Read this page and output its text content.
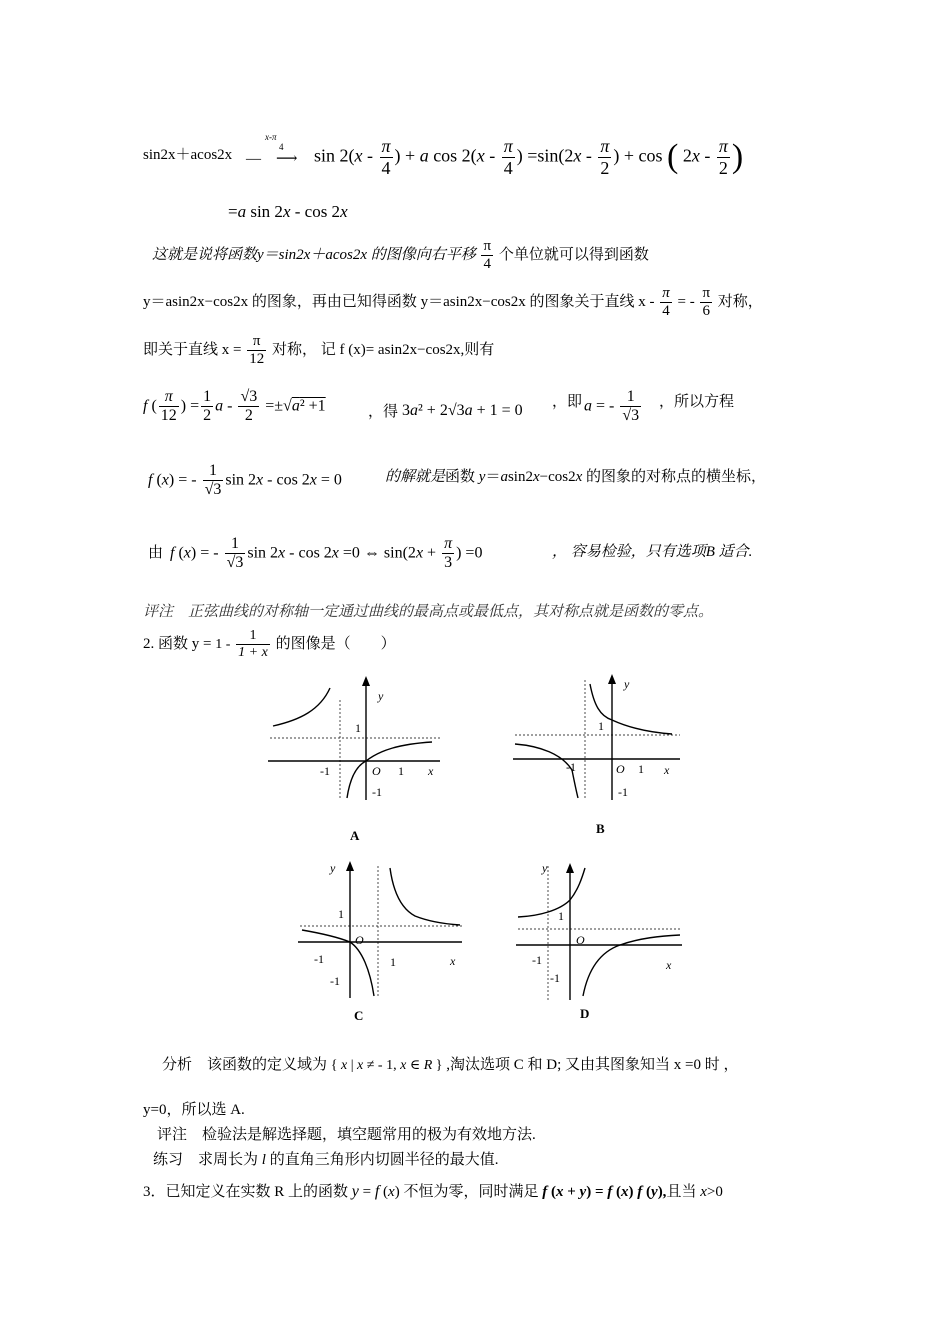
sin2x＋acos2x
x-π
4
—　⟶ $\sin 2(x - \frac{\pi}{4}$ ) + a $\cos 2(x - \frac{\pi}{4}$ ) $=\sin(2x - \frac{\pi}{2}$ ) + cos ( $2x - \frac{\pi}{2}$ )
=a sin 2x - cos 2x
这就是说将函数y＝sin2x＋acos2x 的图像向右平移 $\frac{\pi}{4}$ 个单位就可以得到函数
y＝asin2x−cos2x 的图象，再由已知得函数 y＝asin2x−cos2x 的图象关于直线 x - $\frac{\pi}{4}$ = - $\frac{\pi}{6}$ 对称，
即关于直线 $x = \frac{\pi}{12}$ 对称， 记 f (x)= asin2x−cos2x,则有
f ( $\frac{\pi}{12}$ ) = $\frac{1}{2}$ $a - \frac{√3}{2} =\pm√a^2 +1$	，得 3a² + 2√3a + 1 = 0 ，即 a = - $\frac{1}{√3}$ ，所以方程
f (x) = - $\frac{1}{√3}$ sin 2x - cos 2x = 0	的解就是函数 y＝asin2x−cos2x 的图象的对称点的横坐标，
由 f (x) = - $\frac{1}{√3}$ sin 2x - cos 2x =0 ⇔ $\sin(2x + \frac{\pi}{3}$ ) =0	， 容易检验，只有选项B 适合.
评注　正弦曲线的对称轴一定通过曲线的最高点或最低点，其对称点就是函数的零点。
2. 函数 $y = 1 - \frac{1}{1 + x}$ 的图像是（　　）
1
y
-1	O 1 x
-1
A
1
y
-1	O 1 x
-1
B
1
y
-1
O
1	x
-1
C
1
y
-1
O
x
-1
D
分析　该函数的定义域为 { x | x ≠ - 1, x ∈ R } ,淘汰选项 C 和 D; 又由其图象知当 x =0 时 ，
y=0，所以选 A.
评注　检验法是解选择题，填空题常用的极为有效地方法.
练习　求周长为 l 的直角三角形内切圆半径的最大值.
3．已知定义在实数 R 上的函数 y = f (x) 不恒为零，同时满足 f (x + y) = f (x) f (y),且当 x>0
